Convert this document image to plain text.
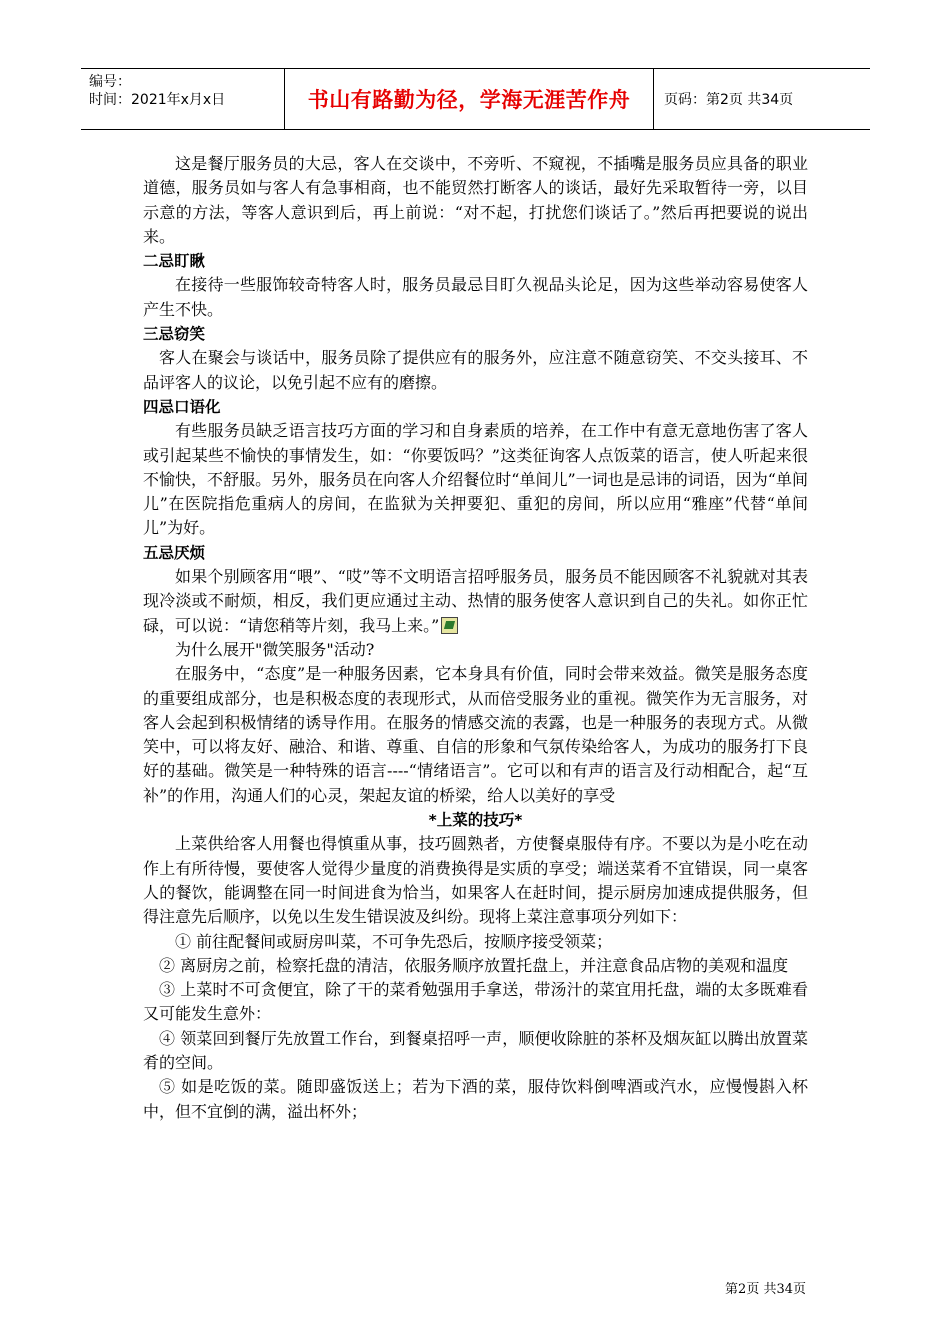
编号：
时间：2021年x月x日	书山有路勤为径，学海无涯苦作舟	页码：第2页 共34页

这是餐厅服务员的大忌，客人在交谈中，不旁听、不窥视，不插嘴是服务员应具备的职业道德，服务员如与客人有急事相商，也不能贸然打断客人的谈话，最好先采取暂待一旁，以目示意的方法，等客人意识到后，再上前说：“对不起，打扰您们谈话了。”然后再把要说的说出来。

二忌盯瞅

在接待一些服饰较奇特客人时，服务员最忌目盯久视品头论足，因为这些举动容易使客人产生不快。

三忌窃笑

客人在聚会与谈话中，服务员除了提供应有的服务外，应注意不随意窃笑、不交头接耳、不品评客人的议论，以免引起不应有的磨擦。

四忌口语化

有些服务员缺乏语言技巧方面的学习和自身素质的培养，在工作中有意无意地伤害了客人或引起某些不愉快的事情发生，如：“你要饭吗？”这类征询客人点饭菜的语言，使人听起来很不愉快，不舒服。另外，服务员在向客人介绍餐位时“单间儿”一词也是忌讳的词语，因为“单间儿”在医院指危重病人的房间，在监狱为关押要犯、重犯的房间，所以应用“雅座”代替“单间儿”为好。

五忌厌烦

如果个别顾客用“喂”、“哎”等不文明语言招呼服务员，服务员不能因顾客不礼貌就对其表现冷淡或不耐烦，相反，我们更应通过主动、热情的服务使客人意识到自己的失礼。如你正忙碌，可以说：“请您稍等片刻，我马上来。”

为什么展开"微笑服务"活动?

在服务中，“态度”是一种服务因素，它本身具有价值，同时会带来效益。微笑是服务态度的重要组成部分，也是积极态度的表现形式，从而倍受服务业的重视。微笑作为无言服务，对客人会起到积极情绪的诱导作用。在服务的情感交流的表露，也是一种服务的表现方式。从微笑中，可以将友好、融洽、和谐、尊重、自信的形象和气氛传染给客人，为成功的服务打下良好的基础。微笑是一种特殊的语言----“情绪语言”。它可以和有声的语言及行动相配合，起“互补”的作用，沟通人们的心灵，架起友谊的桥梁，给人以美好的享受

*上菜的技巧*

上菜供给客人用餐也得慎重从事，技巧圆熟者，方使餐桌服侍有序。不要以为是小吃在动作上有所待慢，要使客人觉得少量度的消费换得是实质的享受；端送菜肴不宜错误，同一桌客人的餐饮，能调整在同一时间进食为恰当，如果客人在赶时间，提示厨房加速成提供服务，但得注意先后顺序，以免以生发生错误波及纠纷。现将上菜注意事项分列如下：

① 前往配餐间或厨房叫菜，不可争先恐后，按顺序接受领菜；

② 离厨房之前，检察托盘的清洁，依服务顺序放置托盘上，并注意食品店物的美观和温度

③ 上菜时不可贪便宜，除了干的菜肴勉强用手拿送，带汤汁的菜宜用托盘，端的太多既难看又可能发生意外：

④ 领菜回到餐厅先放置工作台，到餐桌招呼一声，顺便收除脏的茶杯及烟灰缸以腾出放置菜肴的空间。

⑤ 如是吃饭的菜。随即盛饭送上；若为下酒的菜，服侍饮料倒啤酒或汽水，应慢慢斟入杯中，但不宜倒的满，溢出杯外；

第2页 共34页
